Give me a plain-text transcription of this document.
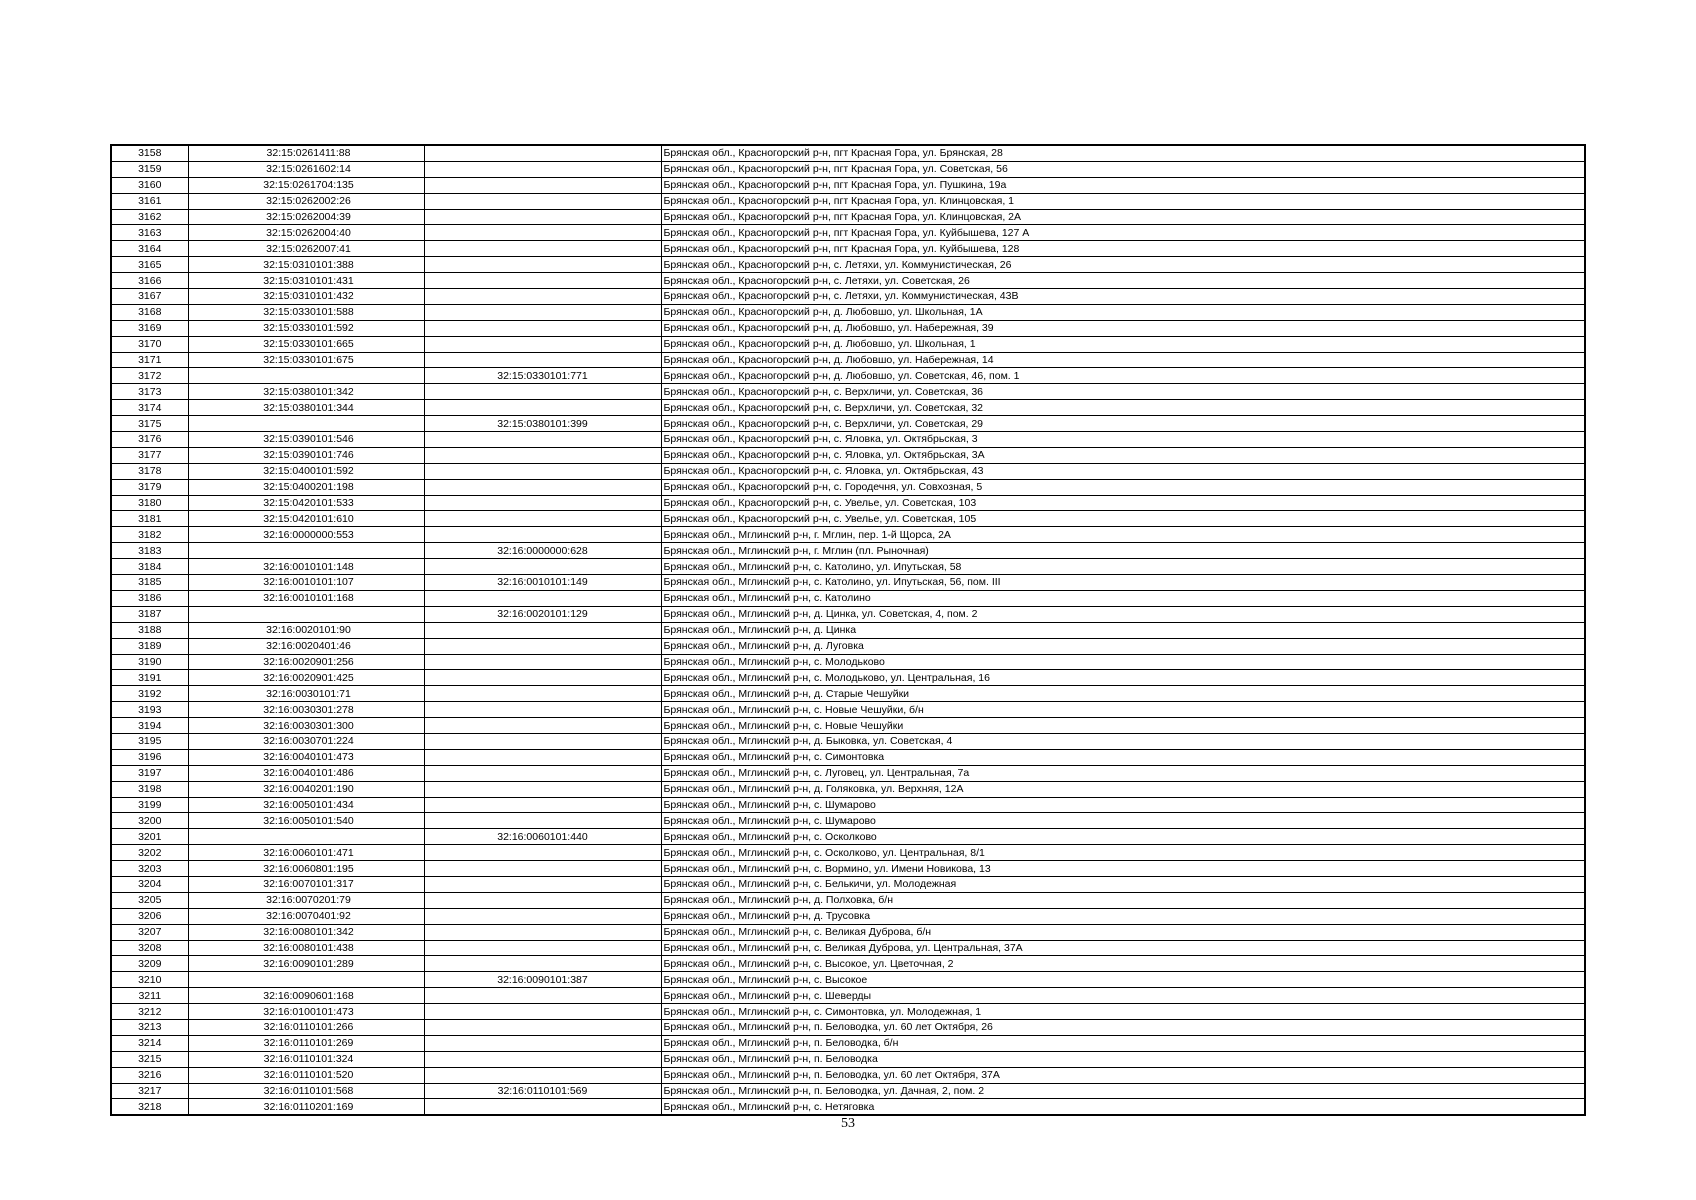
3158	32:15:0261411:88		Брянская обл., Красногорский р-н, пгт Красная Гора, ул. Брянская, 28
3159	32:15:0261602:14		Брянская обл., Красногорский р-н, пгт Красная Гора, ул. Советская, 56
3160	32:15:0261704:135		Брянская обл., Красногорский р-н, пгт Красная Гора, ул. Пушкина, 19а
3161	32:15:0262002:26		Брянская обл., Красногорский р-н, пгт Красная Гора, ул. Клинцовская, 1
3162	32:15:0262004:39		Брянская обл., Красногорский р-н, пгт Красная Гора, ул. Клинцовская, 2А
3163	32:15:0262004:40		Брянская обл., Красногорский р-н, пгт Красная Гора, ул. Куйбышева, 127 А
3164	32:15:0262007:41		Брянская обл., Красногорский р-н, пгт Красная Гора, ул. Куйбышева, 128
3165	32:15:0310101:388		Брянская обл., Красногорский р-н, с. Летяхи, ул. Коммунистическая, 26
3166	32:15:0310101:431		Брянская обл., Красногорский р-н, с. Летяхи, ул. Советская, 26
3167	32:15:0310101:432		Брянская обл., Красногорский р-н, с. Летяхи, ул. Коммунистическая, 43В
3168	32:15:0330101:588		Брянская обл., Красногорский р-н, д. Любовшо, ул. Школьная, 1А
3169	32:15:0330101:592		Брянская обл., Красногорский р-н, д. Любовшо, ул. Набережная, 39
3170	32:15:0330101:665		Брянская обл., Красногорский р-н, д. Любовшо, ул. Школьная, 1
3171	32:15:0330101:675		Брянская обл., Красногорский р-н, д. Любовшо, ул. Набережная, 14
3172		32:15:0330101:771	Брянская обл., Красногорский р-н, д. Любовшо, ул. Советская, 46, пом. 1
3173	32:15:0380101:342		Брянская обл., Красногорский р-н, с. Верхличи, ул. Советская, 36
3174	32:15:0380101:344		Брянская обл., Красногорский р-н, с. Верхличи, ул. Советская, 32
3175		32:15:0380101:399	Брянская обл., Красногорский р-н, с. Верхличи, ул. Советская, 29
3176	32:15:0390101:546		Брянская обл., Красногорский р-н, с. Яловка, ул. Октябрьская, 3
3177	32:15:0390101:746		Брянская обл., Красногорский р-н, с. Яловка, ул. Октябрьская, 3А
3178	32:15:0400101:592		Брянская обл., Красногорский р-н, с. Яловка, ул. Октябрьская, 43
3179	32:15:0400201:198		Брянская обл., Красногорский р-н, с. Городечня, ул. Совхозная, 5
3180	32:15:0420101:533		Брянская обл., Красногорский р-н, с. Увелье, ул. Советская, 103
3181	32:15:0420101:610		Брянская обл., Красногорский р-н, с. Увелье, ул. Советская, 105
3182	32:16:0000000:553		Брянская обл., Мглинский р-н, г. Мглин, пер. 1-й Щорса, 2А
3183		32:16:0000000:628	Брянская обл., Мглинский р-н, г. Мглин (пл. Рыночная)
3184	32:16:0010101:148		Брянская обл., Мглинский р-н, с. Католино, ул. Ипутьская, 58
3185	32:16:0010101:107	32:16:0010101:149	Брянская обл., Мглинский р-н, с. Католино, ул. Ипутьская, 56, пом. III
3186	32:16:0010101:168		Брянская обл., Мглинский р-н, с. Католино
3187		32:16:0020101:129	Брянская обл., Мглинский р-н, д. Цинка, ул. Советская, 4, пом. 2
3188	32:16:0020101:90		Брянская обл., Мглинский р-н, д. Цинка
3189	32:16:0020401:46		Брянская обл., Мглинский р-н, д. Луговка
3190	32:16:0020901:256		Брянская обл., Мглинский р-н, с. Молодьково
3191	32:16:0020901:425		Брянская обл., Мглинский р-н, с. Молодьково, ул. Центральная, 16
3192	32:16:0030101:71		Брянская обл., Мглинский р-н, д. Старые Чешуйки
3193	32:16:0030301:278		Брянская обл., Мглинский р-н, с. Новые Чешуйки, б/н
3194	32:16:0030301:300		Брянская обл., Мглинский р-н, с. Новые Чешуйки
3195	32:16:0030701:224		Брянская обл., Мглинский р-н, д. Быковка, ул. Советская, 4
3196	32:16:0040101:473		Брянская обл., Мглинский р-н, с. Симонтовка
3197	32:16:0040101:486		Брянская обл., Мглинский р-н, с. Луговец, ул. Центральная, 7а
3198	32:16:0040201:190		Брянская обл., Мглинский р-н, д. Голяковка, ул. Верхняя, 12А
3199	32:16:0050101:434		Брянская обл., Мглинский р-н, с. Шумарово
3200	32:16:0050101:540		Брянская обл., Мглинский р-н, с. Шумарово
3201		32:16:0060101:440	Брянская обл., Мглинский р-н, с. Осколково
3202	32:16:0060101:471		Брянская обл., Мглинский р-н, с. Осколково, ул. Центральная, 8/1
3203	32:16:0060801:195		Брянская обл., Мглинский р-н, с. Вормино, ул. Имени Новикова, 13
3204	32:16:0070101:317		Брянская обл., Мглинский р-н, с. Белькичи, ул. Молодежная
3205	32:16:0070201:79		Брянская обл., Мглинский р-н, д. Полховка, б/н
3206	32:16:0070401:92		Брянская обл., Мглинский р-н, д. Трусовка
3207	32:16:0080101:342		Брянская обл., Мглинский р-н, с. Великая Дуброва, б/н
3208	32:16:0080101:438		Брянская обл., Мглинский р-н, с. Великая Дуброва, ул. Центральная, 37А
3209	32:16:0090101:289		Брянская обл., Мглинский р-н, с. Высокое, ул. Цветочная, 2
3210		32:16:0090101:387	Брянская обл., Мглинский р-н, с. Высокое
3211	32:16:0090601:168		Брянская обл., Мглинский р-н, с. Шеверды
3212	32:16:0100101:473		Брянская обл., Мглинский р-н, с. Симонтовка, ул. Молодежная, 1
3213	32:16:0110101:266		Брянская обл., Мглинский р-н, п. Беловодка, ул. 60 лет Октября, 26
3214	32:16:0110101:269		Брянская обл., Мглинский р-н, п. Беловодка, б/н
3215	32:16:0110101:324		Брянская обл., Мглинский р-н, п. Беловодка
3216	32:16:0110101:520		Брянская обл., Мглинский р-н, п. Беловодка, ул. 60 лет Октября, 37А
3217	32:16:0110101:568	32:16:0110101:569	Брянская обл., Мглинский р-н, п. Беловодка, ул. Дачная, 2, пом. 2
3218	32:16:0110201:169		Брянская обл., Мглинский р-н, с. Нетяговка
53
